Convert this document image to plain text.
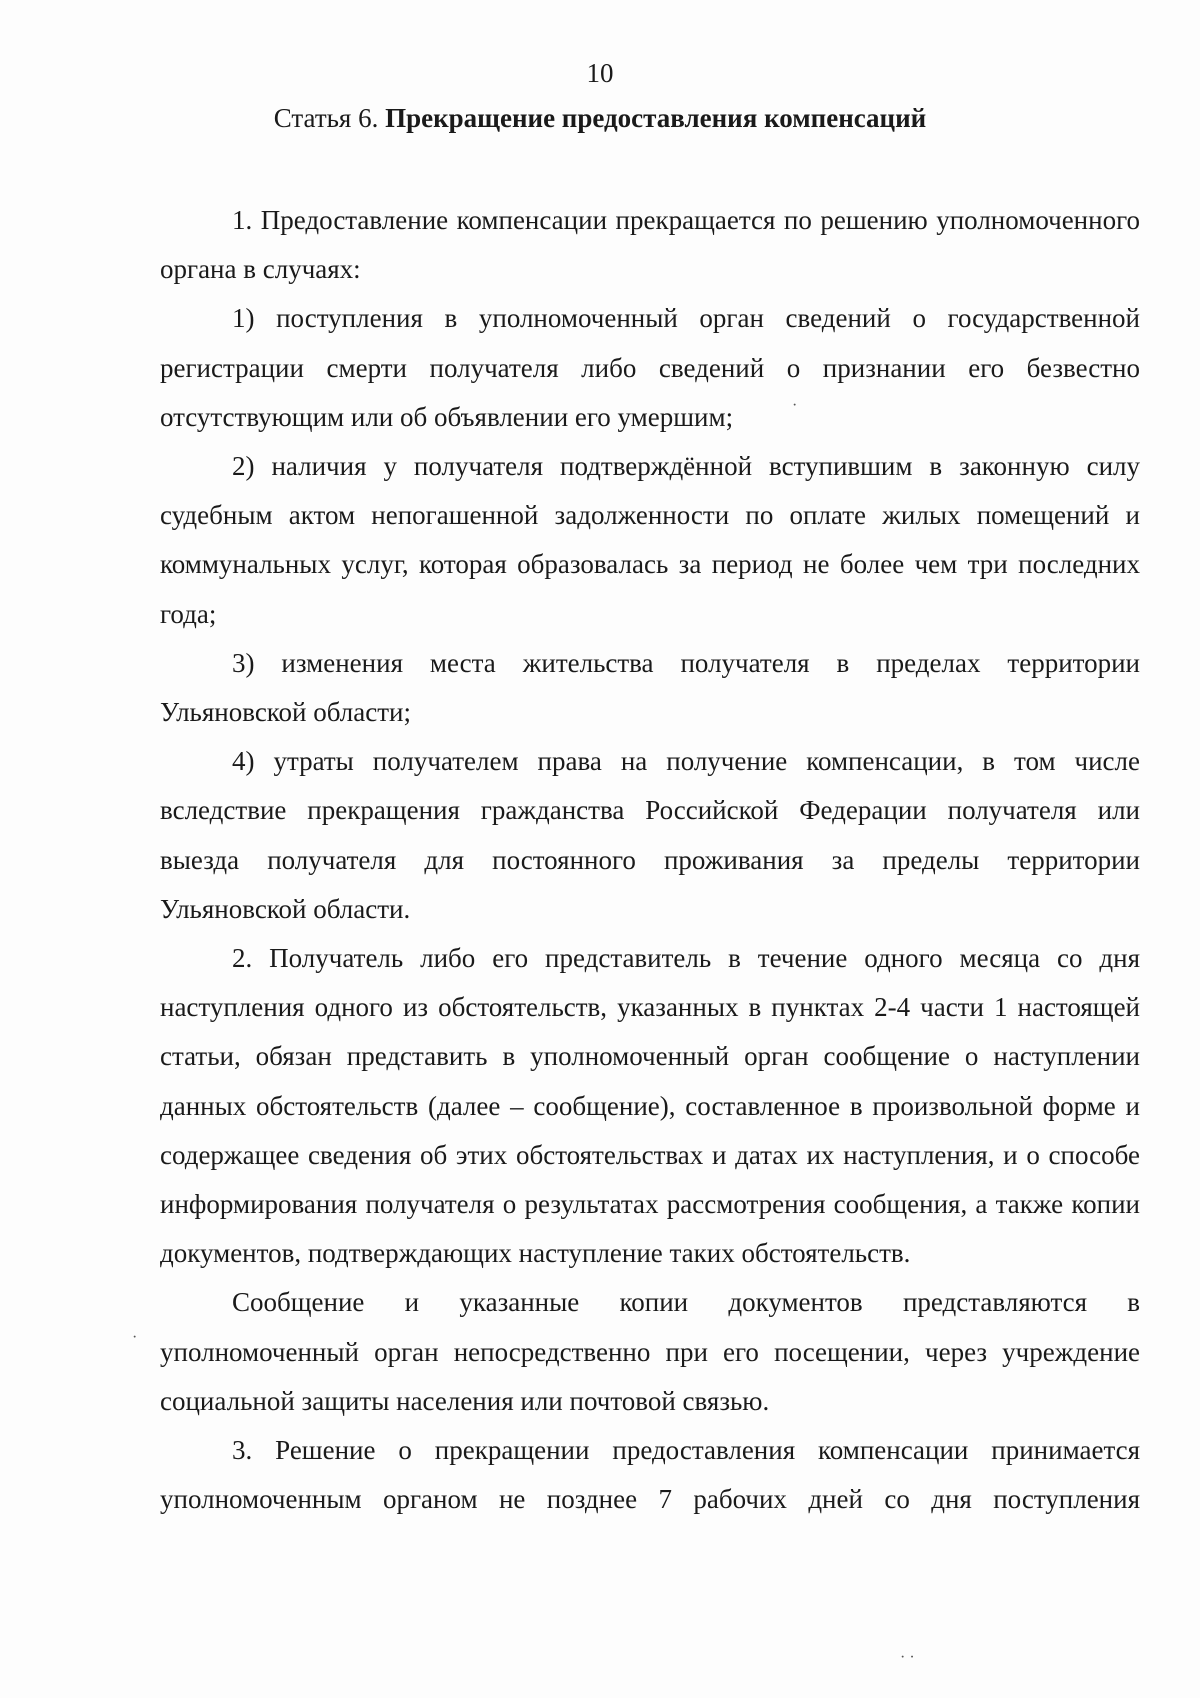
10
Статья 6. Прекращение предоставления компенсаций

1. Предоставление компенсации прекращается по решению уполномоченного органа в случаях:

1) поступления в уполномоченный орган сведений о государственной регистрации смерти получателя либо сведений о признании его безвестно отсутствующим или об объявлении его умершим;

2) наличия у получателя подтверждённой вступившим в законную силу судебным актом непогашенной задолженности по оплате жилых помещений и коммунальных услуг, которая образовалась за период не более чем три последних года;

3) изменения места жительства получателя в пределах территории Ульяновской области;

4) утраты получателем права на получение компенсации, в том числе вследствие прекращения гражданства Российской Федерации получателя или выезда получателя для постоянного проживания за пределы территории Ульяновской области.

2. Получатель либо его представитель в течение одного месяца со дня наступления одного из обстоятельств, указанных в пунктах 2-4 части 1 настоящей статьи, обязан представить в уполномоченный орган сообщение о наступлении данных обстоятельств (далее – сообщение), составленное в произвольной форме и содержащее сведения об этих обстоятельствах и датах их наступления, и о способе информирования получателя о результатах рассмотрения сообщения, а также копии документов, подтверждающих наступление таких обстоятельств.

Сообщение и указанные копии документов представляются в уполномоченный орган непосредственно при его посещении, через учреждение социальной защиты населения или почтовой связью.

3. Решение о прекращении предоставления компенсации принимается уполномоченным органом не позднее 7 рабочих дней со дня поступления

·
·
· ·
